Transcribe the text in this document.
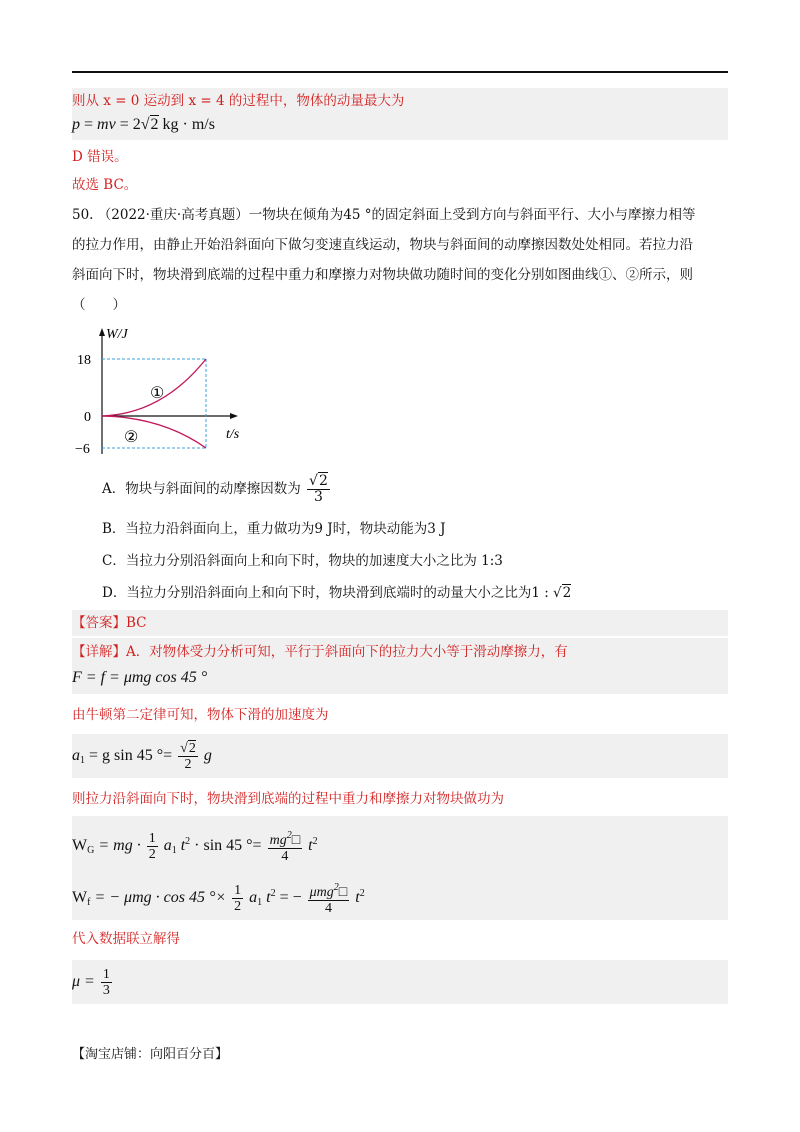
则从 x = 0 运动到 x = 4 的过程中，物体的动量最大为
p = mv = 2√2 kg · m/s
D 错误。
故选 BC。
50. （2022·重庆·高考真题）一物块在倾角为45 °的固定斜面上受到方向与斜面平行、大小与摩擦力相等
的拉力作用，由静止开始沿斜面向下做匀变速直线运动，物块与斜面间的动摩擦因数处处相同。若拉力沿
斜面向下时，物块滑到底端的过程中重力和摩擦力对物块做功随时间的变化分别如图曲线①、②所示，则
（　　）
W/J
t/s
18
0
−6
①
②
A．物块与斜面间的动摩擦因数为 $\frac{√2}{3}$
B．当拉力沿斜面向上，重力做功为9 J时，物块动能为3 J
C．当拉力分别沿斜面向上和向下时，物块的加速度大小之比为 1:3
D．当拉力分别沿斜面向上和向下时，物块滑到底端时的动量大小之比为1 : √2
【答案】BC
【详解】A．对物体受力分析可知，平行于斜面向下的拉力大小等于滑动摩擦力，有
F = f = μmg cos 45 °
由牛顿第二定律可知，物体下滑的加速度为
$a_1 = g$ sin 45 °= $\frac{√2}{2}$ g
则拉力沿斜面向下时，物块滑到底端的过程中重力和摩擦力对物块做功为
$W_G$ = mg · $\frac{1}{2} a_1$ $t^2 \cdot \sin 45$ °= $\frac{mg^2□}{4} t^2$
$W_f$ = − μmg · cos 45 °× $\frac{1}{2} a_1$ $t^2$ = − $\frac{\mu mg^2□}{4} t^2$
代入数据联立解得
$\mu = \frac{1}{3}$
【淘宝店铺：向阳百分百】
